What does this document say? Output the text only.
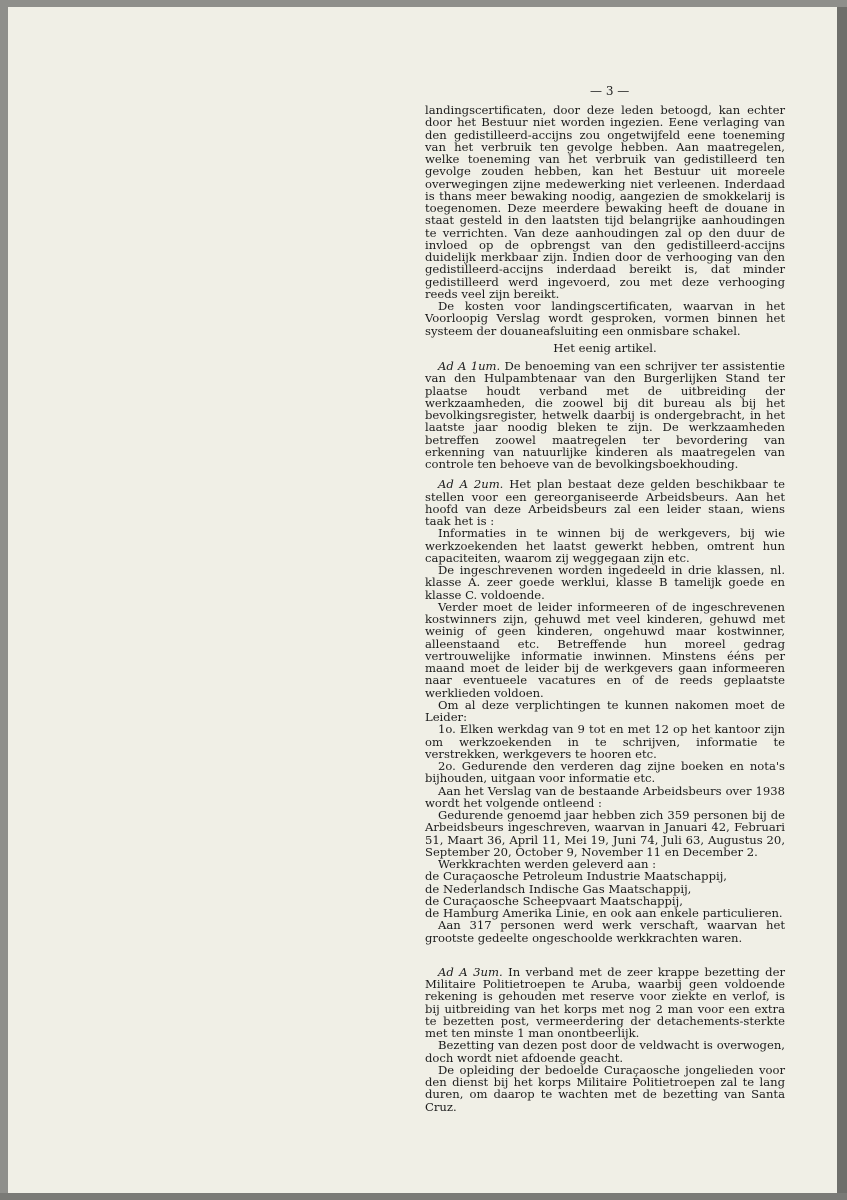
— 3 —

landingscertificaten, door deze leden betoogd, kan echter door het Bestuur niet worden ingezien. Eene verlaging van den gedistilleerd-accijns zou ongetwijfeld eene toeneming van het verbruik ten gevolge hebben. Aan maatregelen, welke toeneming van het verbruik van gedistilleerd ten gevolge zouden hebben, kan het Bestuur uit moreele overwegingen zijne medewerking niet verleenen. Inderdaad is thans meer bewaking noodig, aangezien de smokkelarij is toegenomen. Deze meerdere bewaking heeft de douane in staat gesteld in den laatsten tijd belangrijke aanhoudingen te verrichten. Van deze aanhoudingen zal op den duur de invloed op de opbrengst van den gedistilleerd-accijns duidelijk merkbaar zijn. Indien door de verhooging van den gedistilleerd-accijns inderdaad bereikt is, dat minder gedistilleerd werd ingevoerd, zou met deze verhooging reeds veel zijn bereikt.

De kosten voor landingscertificaten, waarvan in het Voorloopig Verslag wordt gesproken, vormen binnen het systeem der douaneafsluiting een onmisbare schakel.

Het eenig artikel.

Ad A 1um. De benoeming van een schrijver ter assistentie van den Hulpambtenaar van den Burgerlijken Stand ter plaatse houdt verband met de uitbreiding der werkzaamheden, die zoowel bij dit bureau als bij het bevolkingsregister, hetwelk daarbij is ondergebracht, in het laatste jaar noodig bleken te zijn. De werkzaamheden betreffen zoowel maatregelen ter bevordering van erkenning van natuurlijke kinderen als maatregelen van controle ten behoeve van de bevolkingsboekhouding.

Ad A 2um. Het plan bestaat deze gelden beschikbaar te stellen voor een gereorganiseerde Arbeidsbeurs. Aan het hoofd van deze Arbeidsbeurs zal een leider staan, wiens taak het is :

Informaties in te winnen bij de werkgevers, bij wie werkzoekenden het laatst gewerkt hebben, omtrent hun capaciteiten, waarom zij weggegaan zijn etc.

De ingeschrevenen worden ingedeeld in drie klassen, nl. klasse A. zeer goede werklui, klasse B tamelijk goede en klasse C. voldoende.

Verder moet de leider informeeren of de ingeschrevenen kostwinners zijn, gehuwd met veel kinderen, gehuwd met weinig of geen kinderen, ongehuwd maar kostwinner, alleenstaand etc. Betreffende hun moreel gedrag vertrouwelijke informatie inwinnen. Minstens ééns per maand moet de leider bij de werkgevers gaan informeeren naar eventueele vacatures en of de reeds geplaatste werklieden voldoen.

Om al deze verplichtingen te kunnen nakomen moet de Leider:

1o. Elken werkdag van 9 tot en met 12 op het kantoor zijn om werkzoekenden in te schrijven, informatie te verstrekken, werkgevers te hooren etc.

2o. Gedurende den verderen dag zijne boeken en nota's bijhouden, uitgaan voor informatie etc.

Aan het Verslag van de bestaande Arbeidsbeurs over 1938 wordt het volgende ontleend :

Gedurende genoemd jaar hebben zich 359 personen bij de Arbeidsbeurs ingeschreven, waarvan in Januari 42, Februari 51, Maart 36, April 11, Mei 19, Juni 74, Juli 63, Augustus 20, September 20, October 9, November 11 en December 2.

Werkkrachten werden geleverd aan :

de Curaçaosche Petroleum Industrie Maatschappij,

de Nederlandsch Indische Gas Maatschappij,

de Curaçaosche Scheepvaart Maatschappij,

de Hamburg Amerika Linie, en ook aan enkele particulieren.

Aan 317 personen werd werk verschaft, waarvan het grootste gedeelte ongeschoolde werkkrachten waren.

Ad A 3um. In verband met de zeer krappe bezetting der Militaire Politietroepen te Aruba, waarbij geen voldoende rekening is gehouden met reserve voor ziekte en verlof, is bij uitbreiding van het korps met nog 2 man voor een extra te bezetten post, vermeerdering der detachements-sterkte met ten minste 1 man onontbeerlijk.

Bezetting van dezen post door de veldwacht is overwogen, doch wordt niet afdoende geacht.

De opleiding der bedoelde Curaçaosche jongelieden voor den dienst bij het korps Militaire Politietroepen zal te lang duren, om daarop te wachten met de bezetting van Santa Cruz.
